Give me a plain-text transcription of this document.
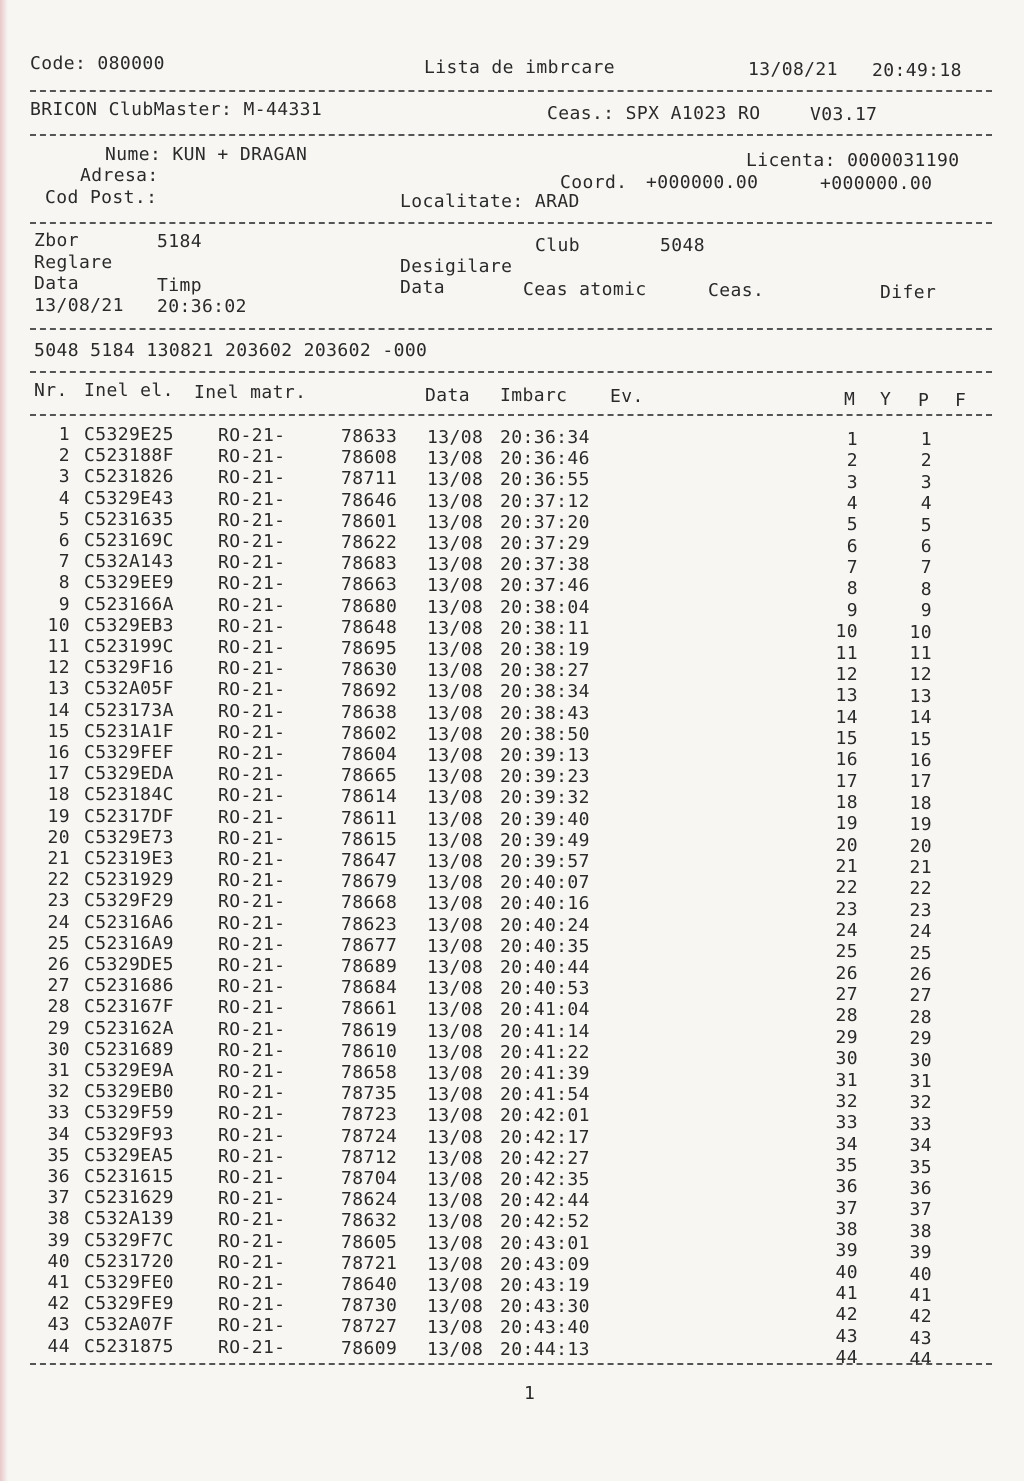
Code: 080000	Lista de imbrcare	13/08/21 20:49:18
BRICON ClubMaster: M-44331	Ceas.: SPX A1023 RO	V03.17
Nume: KUN + DRAGAN
Adresa:
Cod Post.:
Licenta: 0000031190
Coord. +000000.00	+000000.00
Localitate: ARAD
Zbor	5184	Club	5048
Reglare	Desigilare
Data	Timp	Data	Ceas atomic	Ceas.	Difer
13/08/21 20:36:02
5048 5184 130821 203602 203602 -000
Nr. Inel el. Inel matr.	Data Imbarc Ev.	M Y P F
1 C5329E25 RO-21-	78633 13/08 20:36:34	1	1
2 C523188F RO-21-	78608 13/08 20:36:46	2	2
3 C5231826 RO-21-	78711 13/08 20:36:55	3	3
4 C5329E43 RO-21-	78646 13/08 20:37:12	4	4
5 C5231635 RO-21-	78601 13/08 20:37:20	5	5
6 C523169C RO-21-	78622 13/08 20:37:29	6	6
7 C532A143 RO-21-	78683 13/08 20:37:38	7	7
8 C5329EE9 RO-21-	78663 13/08 20:37:46	8	8
9 C523166A RO-21-	78680 13/08 20:38:04	9	9
10 C5329EB3 RO-21-	78648 13/08 20:38:11	10	10
11 C523199C RO-21-	78695 13/08 20:38:19	11	11
12 C5329F16 RO-21-	78630 13/08 20:38:27	12	12
13 C532A05F RO-21-	78692 13/08 20:38:34	13	13
14 C523173A RO-21-	78638 13/08 20:38:43	14	14
15 C5231A1F RO-21-	78602 13/08 20:38:50	15	15
16 C5329FEF RO-21-	78604 13/08 20:39:13	16	16
17 C5329EDA RO-21-	78665 13/08 20:39:23	17	17
18 C523184C RO-21-	78614 13/08 20:39:32	18	18
19 C52317DF RO-21-	78611 13/08 20:39:40	19	19
20 C5329E73 RO-21-	78615 13/08 20:39:49	20	20
21 C52319E3 RO-21-	78647 13/08 20:39:57	21	21
22 C5231929 RO-21-	78679 13/08 20:40:07	22	22
23 C5329F29 RO-21-	78668 13/08 20:40:16	23	23
24 C52316A6 RO-21-	78623 13/08 20:40:24	24	24
25 C52316A9 RO-21-	78677 13/08 20:40:35	25	25
26 C5329DE5 RO-21-	78689 13/08 20:40:44	26	26
27 C5231686 RO-21-	78684 13/08 20:40:53	27	27
28 C523167F RO-21-	78661 13/08 20:41:04	28	28
29 C523162A RO-21-	78619 13/08 20:41:14	29	29
30 C5231689 RO-21-	78610 13/08 20:41:22	30	30
31 C5329E9A RO-21-	78658 13/08 20:41:39	31	31
32 C5329EB0 RO-21-	78735 13/08 20:41:54	32	32
33 C5329F59 RO-21-	78723 13/08 20:42:01	33	33
34 C5329F93 RO-21-	78724 13/08 20:42:17	34	34
35 C5329EA5 RO-21-	78712 13/08 20:42:27	35	35
36 C5231615 RO-21-	78704 13/08 20:42:35	36	36
37 C5231629 RO-21-	78624 13/08 20:42:44	37	37
38 C532A139 RO-21-	78632 13/08 20:42:52	38	38
39 C5329F7C RO-21-	78605 13/08 20:43:01	39	39
40 C5231720 RO-21-	78721 13/08 20:43:09	40	40
41 C5329FE0 RO-21-	78640 13/08 20:43:19	41	41
42 C5329FE9 RO-21-	78730 13/08 20:43:30	42	42
43 C532A07F RO-21-	78727 13/08 20:43:40	43	43
44 C5231875 RO-21-	78609 13/08 20:44:13	44	44
1
